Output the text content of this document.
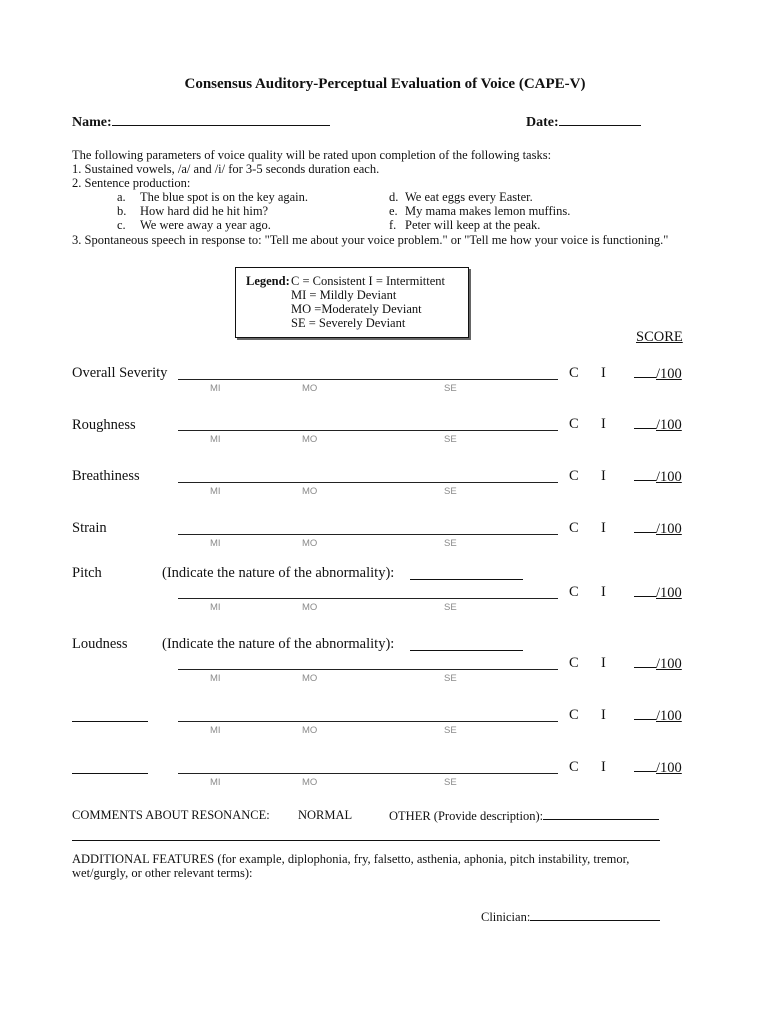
Consensus Auditory-Perceptual Evaluation of Voice (CAPE-V)
Name:	Date:
The following parameters of voice quality will be rated upon completion of the following tasks:
1. Sustained vowels, /a/ and /i/ for 3-5 seconds duration each.
2. Sentence production:
a. The blue spot is on the key again.
b. How hard did he hit him?
c. We were away a year ago.
d. We eat eggs every Easter.
e. My mama makes lemon muffins.
f. Peter will keep at the peak.
3. Spontaneous speech in response to: "Tell me about your voice problem." or "Tell me how your voice is functioning."
Legend: C = Consistent I = Intermittent
MI = Mildly Deviant
MO =Moderately Deviant
SE = Severely Deviant
SCORE
Overall Severity
MI	MO	SE
C I	/100
Roughness
MI	MO	SE
C I	/100
Breathiness
MI	MO	SE
C I	/100
Strain
MI	MO	SE
C I	/100
Pitch	(Indicate the nature of the abnormality):
MI	MO	SE
C I	/100
Loudness (Indicate the nature of the abnormality):
MI	MO	SE
C I	/100
MI	MO	SE
C I	/100
MI	MO	SE
C I	/100
COMMENTS ABOUT RESONANCE: NORMAL	OTHER (Provide description):
ADDITIONAL FEATURES (for example, diplophonia, fry, falsetto, asthenia, aphonia, pitch instability, tremor,
wet/gurgly, or other relevant terms):
Clinician:
